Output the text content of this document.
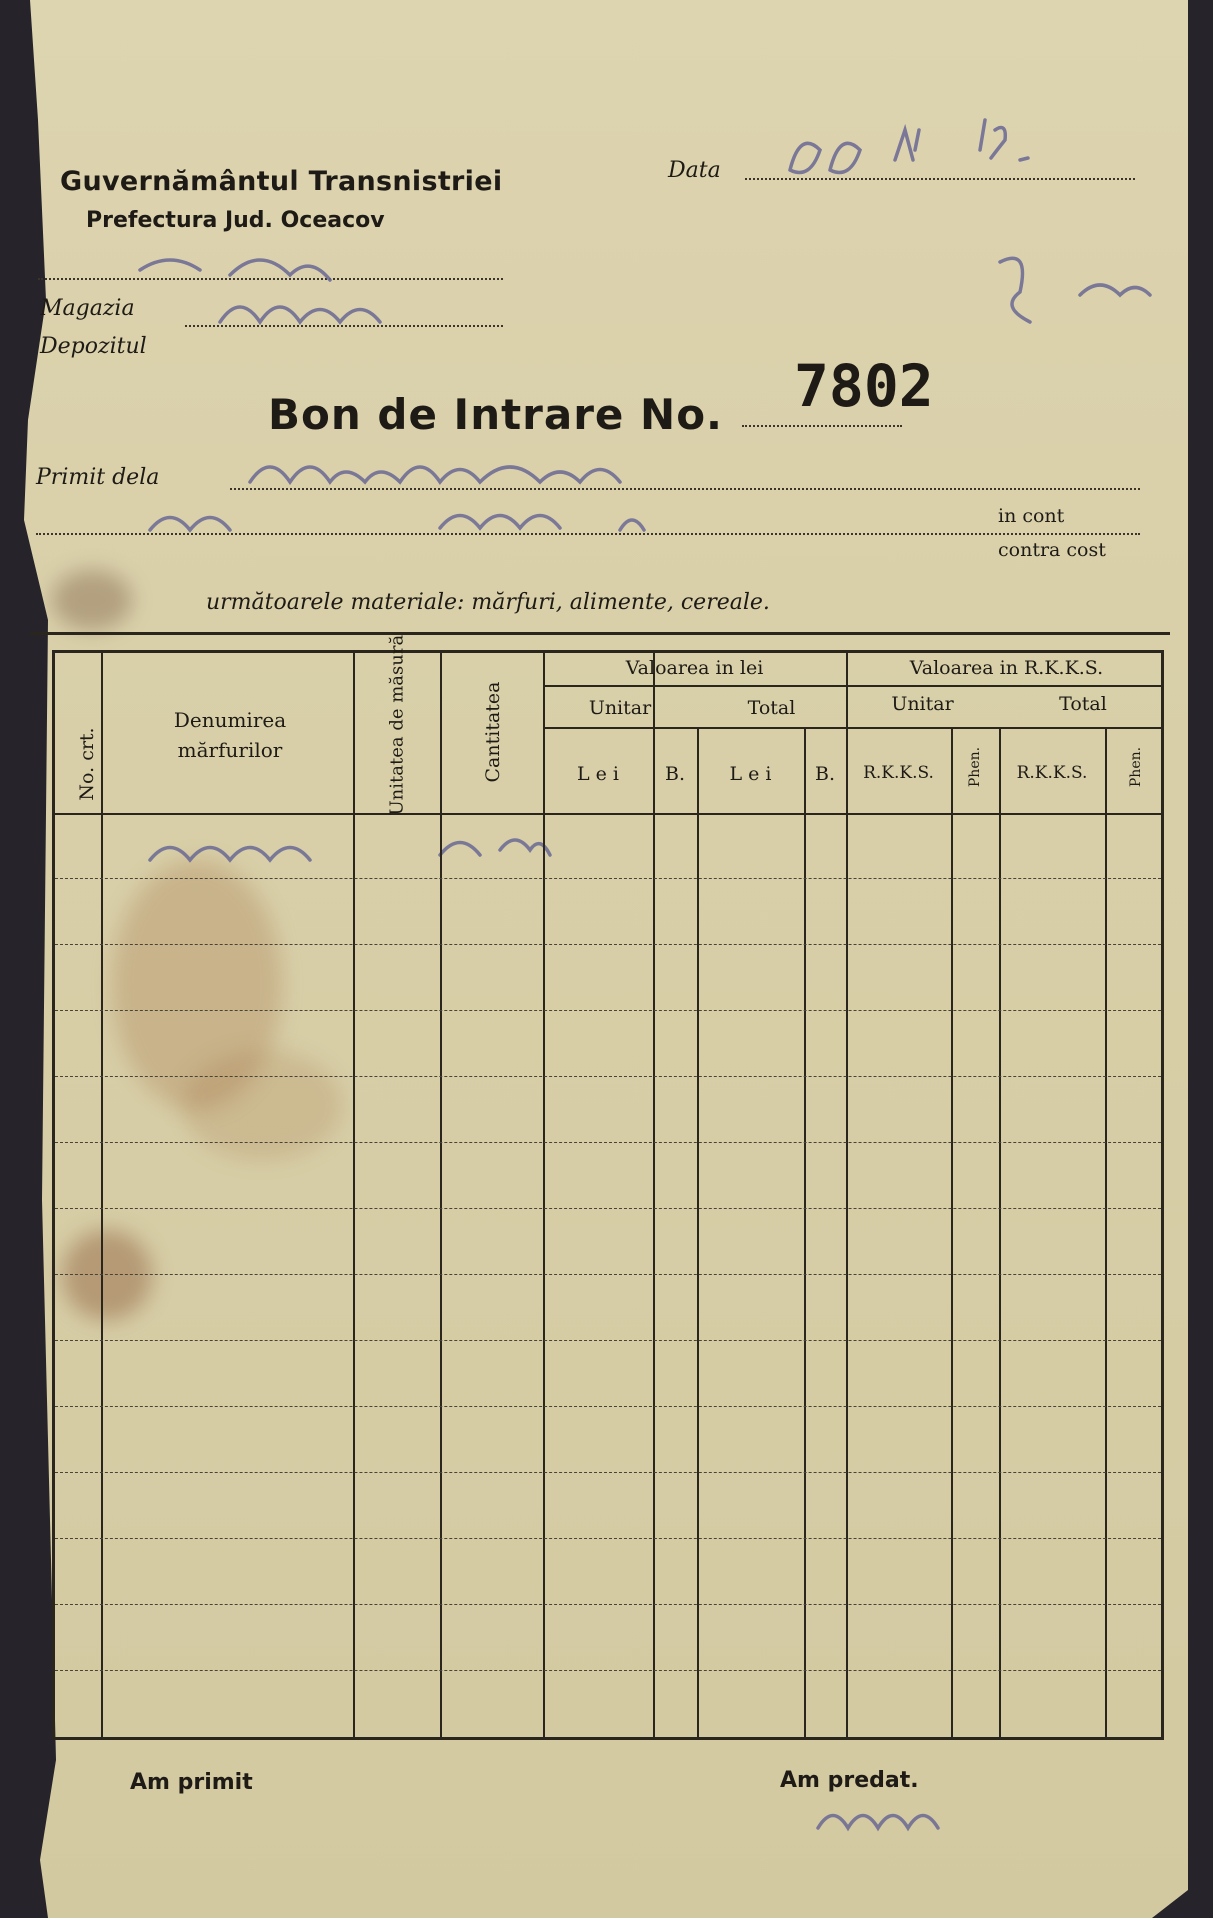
Guvernământul Transnistriei
Prefectura Jud. Oceacov
Data
Magazia
Depozitul
Bon de Intrare No. 7802
Primit dela
in cont
contra cost
următoarele materiale: mărfuri, alimente, cereale.
No. crt.
Denumirea mărfurilor	Unitatea de măsură	Cantitatea
Valoarea in lei	Valoarea in R.K.K.S.
Unitar	Total	Unitar	Total
L e i	B.	L e i	B.	R.K.K.S.	Phen.	R.K.K.S.	Phen.
Am primit	Am predat.
